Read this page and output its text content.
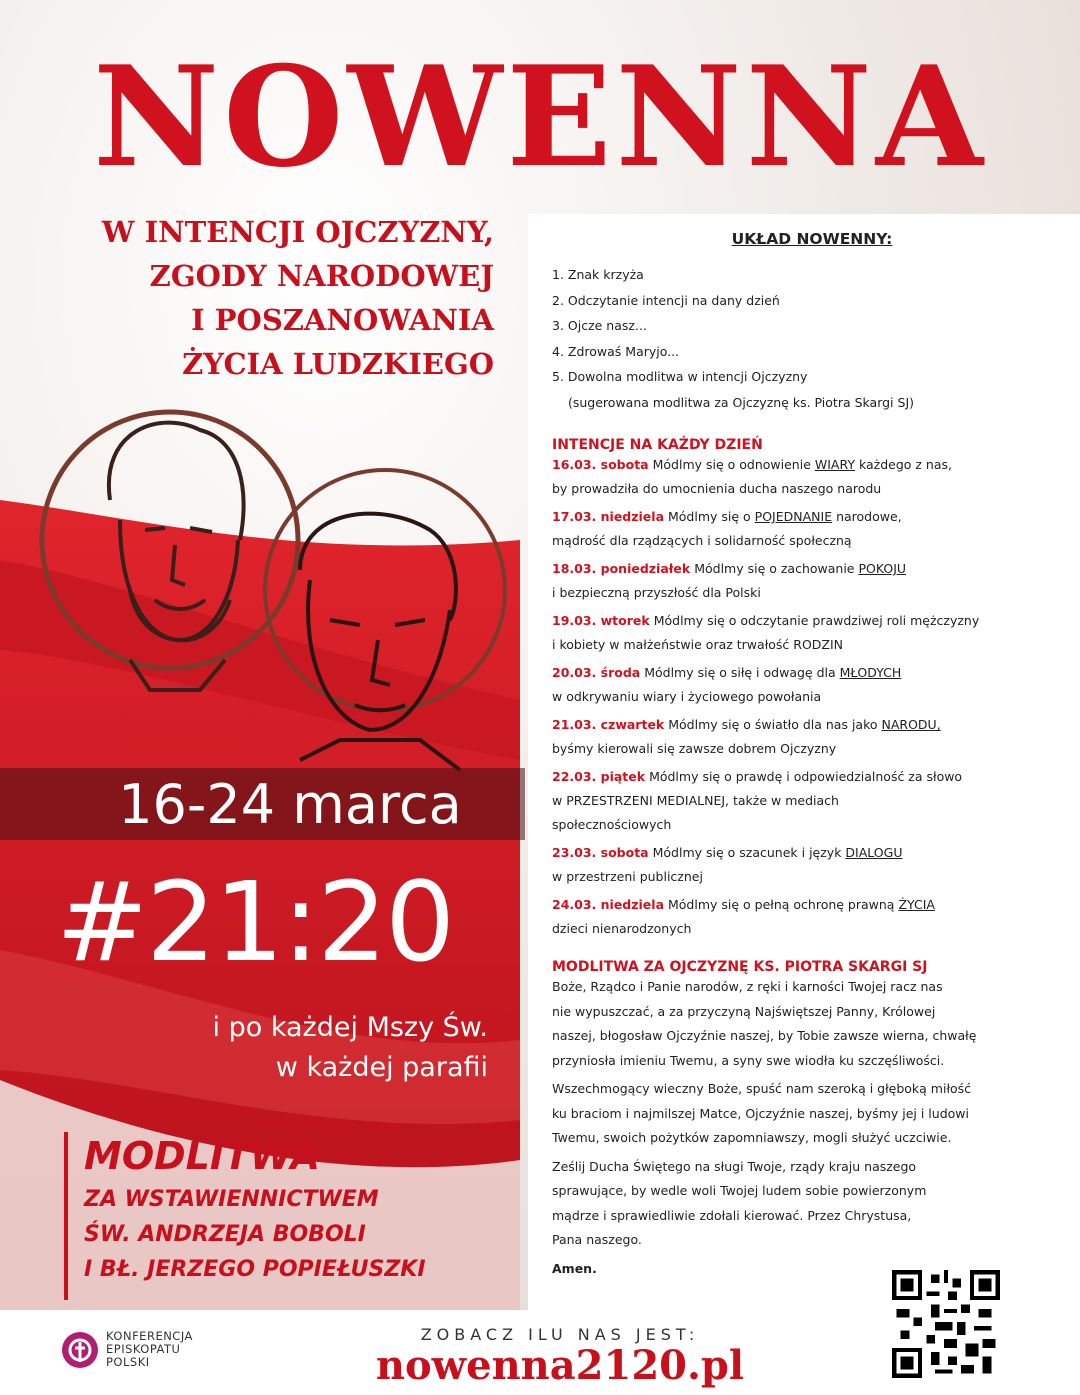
NOWENNA
W INTENCJI OJCZYZNY,
ZGODY NARODOWEJ
I POSZANOWANIA
ŻYCIA LUDZKIEGO
UKŁAD NOWENNY:
1. Znak krzyża
2. Odczytanie intencji na dany dzień
3. Ojcze nasz...
4. Zdrowaś Maryjo...
5. Dowolna modlitwa w intencji Ojczyzny
(sugerowana modlitwa za Ojczyznę ks. Piotra Skargi SJ)
INTENCJE NA KAŻDY DZIEŃ
16.03. sobota Módlmy się o odnowienie WIARY każdego z nas,
by prowadziła do umocnienia ducha naszego narodu
17.03. niedziela Módlmy się o POJEDNANIE narodowe,
mądrość dla rządzących i solidarność społeczną
18.03. poniedziałek Módlmy się o zachowanie POKOJU
i bezpieczną przyszłość dla Polski
19.03. wtorek Módlmy się o odczytanie prawdziwej roli mężczyzny
i kobiety w małżeństwie oraz trwałość RODZIN
20.03. środa Módlmy się o siłę i odwagę dla MŁODYCH
w odkrywaniu wiary i życiowego powołania
21.03. czwartek Módlmy się o światło dla nas jako NARODU,
byśmy kierowali się zawsze dobrem Ojczyzny
22.03. piątek Módlmy się o prawdę i odpowiedzialność za słowo
w PRZESTRZENI MEDIALNEJ, także w mediach
społecznościowych
23.03. sobota Módlmy się o szacunek i język DIALOGU
w przestrzeni publicznej
24.03. niedziela Módlmy się o pełną ochronę prawną ŻYCIA
dzieci nienarodzonych
MODLITWA ZA OJCZYZNĘ KS. PIOTRA SKARGI SJ

Boże, Rządco i Panie narodów, z ręki i karności Twojej racz nas
nie wypuszczać, a za przyczyną Najświętszej Panny, Królowej
naszej, błogosław Ojczyźnie naszej, by Tobie zawsze wierna, chwałę
przyniosła imieniu Twemu, a syny swe wiodła ku szczęśliwości.

Wszechmogący wieczny Boże, spuść nam szeroką i głęboką miłość
ku braciom i najmilszej Matce, Ojczyźnie naszej, byśmy jej i ludowi
Twemu, swoich pożytków zapomniawszy, mogli służyć uczciwie.

Ześlij Ducha Świętego na sługi Twoje, rządy kraju naszego
sprawujące, by wedle woli Twojej ludem sobie powierzonym
mądrze i sprawiedliwie zdołali kierować. Przez Chrystusa,
Pana naszego.

Amen.

16-24 marca
#21:20
i po każdej Mszy Św.
w każdej parafii
MODLITWA
ZA WSTAWIENNICTWEM
ŚW. ANDRZEJA BOBOLI
I BŁ. JERZEGO POPIEŁUSZKI
KONFERENCJA
EPISKOPATU
POLSKI
ZOBACZ ILU NAS JEST:
nowenna2120.pl
